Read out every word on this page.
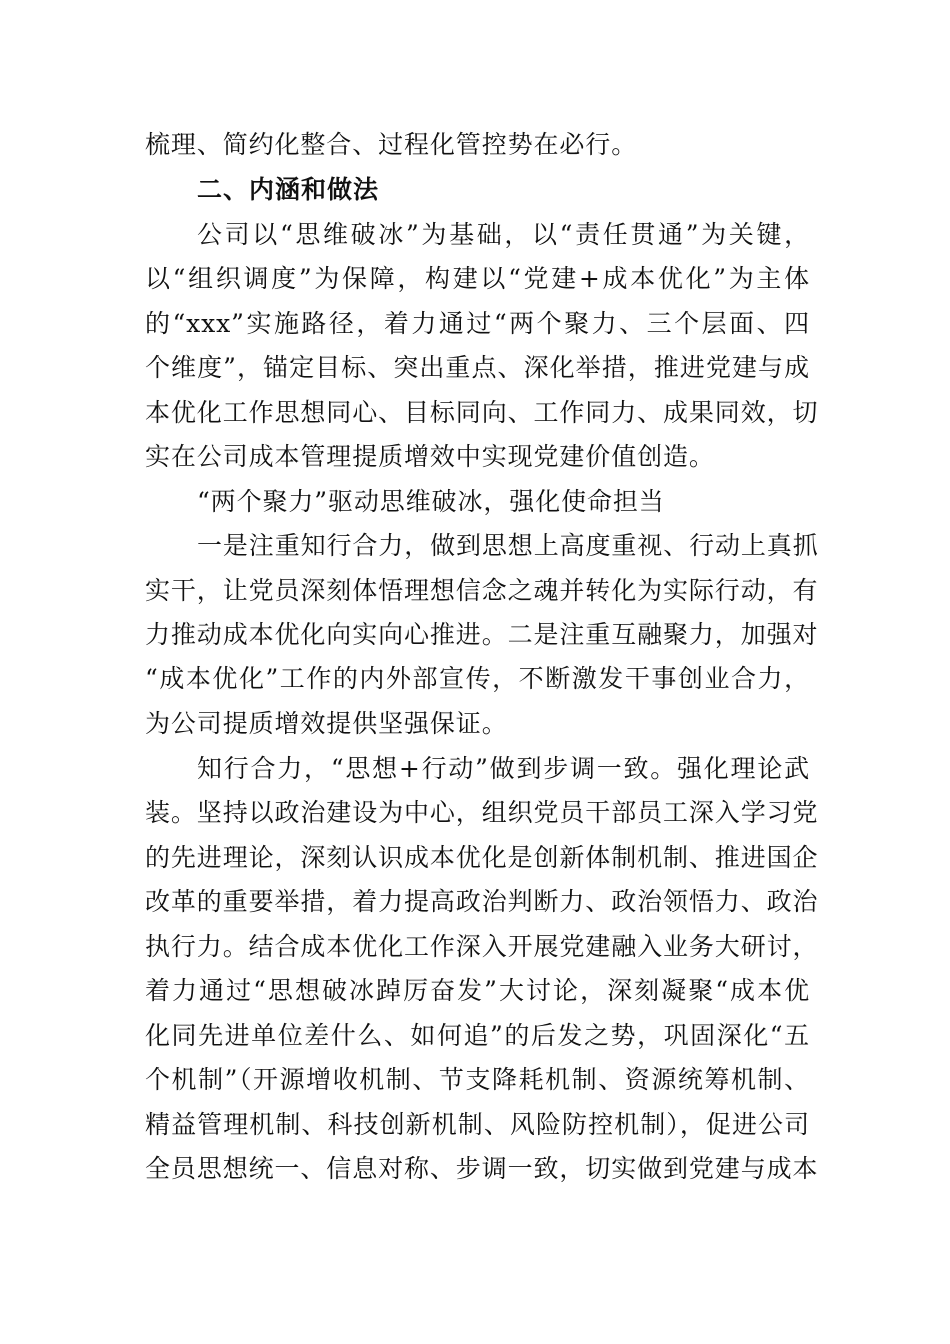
梳理、简约化整合、过程化管控势在必行。
二、内涵和做法
公司以“思维破冰”为基础，以“责任贯通”为关键，
以“组织调度”为保障，构建以“党建+成本优化”为主体
的“xxx”实施路径，着力通过“两个聚力、三个层面、四
个维度”，锚定目标、突出重点、深化举措，推进党建与成
本优化工作思想同心、目标同向、工作同力、成果同效，切
实在公司成本管理提质增效中实现党建价值创造。
“两个聚力”驱动思维破冰，强化使命担当
一是注重知行合力，做到思想上高度重视、行动上真抓
实干，让党员深刻体悟理想信念之魂并转化为实际行动，有
力推动成本优化向实向心推进。二是注重互融聚力，加强对
“成本优化”工作的内外部宣传，不断激发干事创业合力，
为公司提质增效提供坚强保证。
知行合力，“思想+行动”做到步调一致。强化理论武
装。坚持以政治建设为中心，组织党员干部员工深入学习党
的先进理论，深刻认识成本优化是创新体制机制、推进国企
改革的重要举措，着力提高政治判断力、政治领悟力、政治
执行力。结合成本优化工作深入开展党建融入业务大研讨，
着力通过“思想破冰踔厉奋发”大讨论，深刻凝聚“成本优
化同先进单位差什么、如何追”的后发之势，巩固深化“五
个机制”（开源增收机制、节支降耗机制、资源统筹机制、
精益管理机制、科技创新机制、风险防控机制），促进公司
全员思想统一、信息对称、步调一致，切实做到党建与成本
